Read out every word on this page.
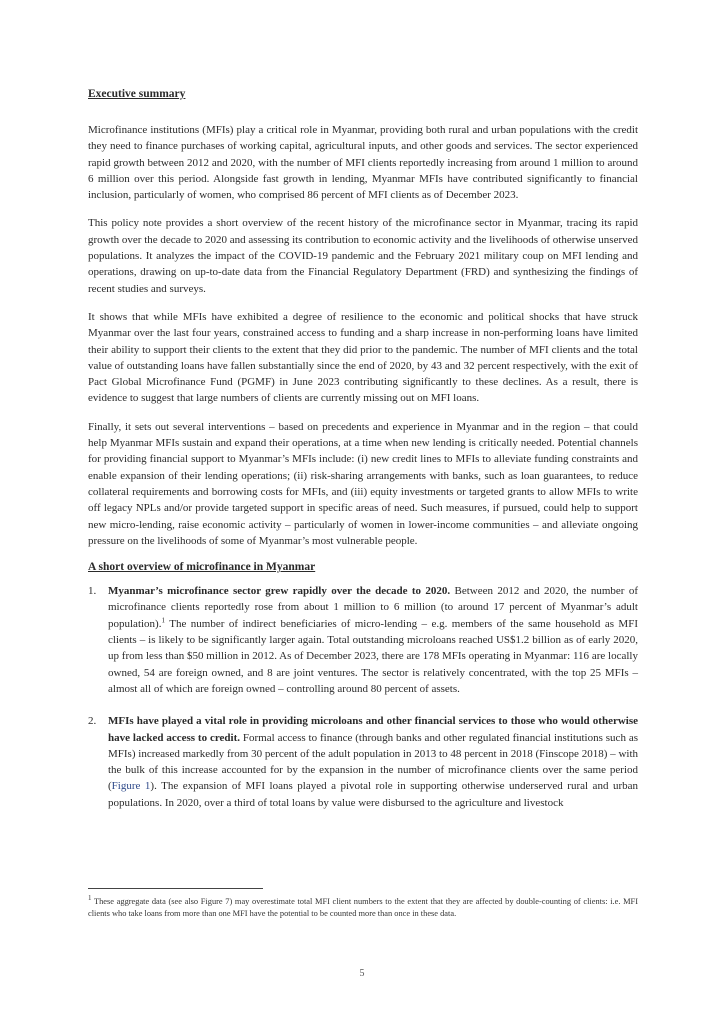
Executive summary

Microfinance institutions (MFIs) play a critical role in Myanmar, providing both rural and urban populations with the credit they need to finance purchases of working capital, agricultural inputs, and other goods and services. The sector experienced rapid growth between 2012 and 2020, with the number of MFI clients reportedly increasing from around 1 million to around 6 million over this period. Alongside fast growth in lending, Myanmar MFIs have contributed significantly to financial inclusion, particularly of women, who comprised 86 percent of MFI clients as of December 2023.

This policy note provides a short overview of the recent history of the microfinance sector in Myanmar, tracing its rapid growth over the decade to 2020 and assessing its contribution to economic activity and the livelihoods of otherwise unserved populations. It analyzes the impact of the COVID-19 pandemic and the February 2021 military coup on MFI lending and operations, drawing on up-to-date data from the Financial Regulatory Department (FRD) and synthesizing the findings of recent studies and surveys.

It shows that while MFIs have exhibited a degree of resilience to the economic and political shocks that have struck Myanmar over the last four years, constrained access to funding and a sharp increase in non-performing loans have limited their ability to support their clients to the extent that they did prior to the pandemic. The number of MFI clients and the total value of outstanding loans have fallen substantially since the end of 2020, by 43 and 32 percent respectively, with the exit of Pact Global Microfinance Fund (PGMF) in June 2023 contributing significantly to these declines. As a result, there is evidence to suggest that large numbers of clients are currently missing out on MFI loans.

Finally, it sets out several interventions – based on precedents and experience in Myanmar and in the region – that could help Myanmar MFIs sustain and expand their operations, at a time when new lending is critically needed. Potential channels for providing financial support to Myanmar’s MFIs include: (i) new credit lines to MFIs to alleviate funding constraints and enable expansion of their lending operations; (ii) risk-sharing arrangements with banks, such as loan guarantees, to reduce collateral requirements and borrowing costs for MFIs, and (iii) equity investments or targeted grants to allow MFIs to write off legacy NPLs and/or provide targeted support in specific areas of need. Such measures, if pursued, could help to support new micro-lending, raise economic activity – particularly of women in lower-income communities – and alleviate ongoing pressure on the livelihoods of some of Myanmar’s most vulnerable people.

A short overview of microfinance in Myanmar
1. Myanmar’s microfinance sector grew rapidly over the decade to 2020. Between 2012 and 2020, the number of microfinance clients reportedly rose from about 1 million to 6 million (to around 17 percent of Myanmar’s adult population).$^1$ The number of indirect beneficiaries of micro-lending – e.g. members of the same household as MFI clients – is likely to be significantly larger again. Total outstanding microloans reached US$1.2 billion as of early 2020, up from less than $50 million in 2012. As of December 2023, there are 178 MFIs operating in Myanmar: 116 are locally owned, 54 are foreign owned, and 8 are joint ventures. The sector is relatively concentrated, with the top 25 MFIs – almost all of which are foreign owned – controlling around 80 percent of assets.
2. MFIs have played a vital role in providing microloans and other financial services to those who would otherwise have lacked access to credit. Formal access to finance (through banks and other regulated financial institutions such as MFIs) increased markedly from 30 percent of the adult population in 2013 to 48 percent in 2018 (Finscope 2018) – with the bulk of this increase accounted for by the expansion in the number of microfinance clients over the same period (Figure 1). The expansion of MFI loans played a pivotal role in supporting otherwise underserved rural and urban populations. In 2020, over a third of total loans by value were disbursed to the agriculture and livestock
$^1$ These aggregate data (see also Figure 7) may overestimate total MFI client numbers to the extent that they are affected by double-counting of clients: i.e. MFI clients who take loans from more than one MFI have the potential to be counted more than once in these data.
5
